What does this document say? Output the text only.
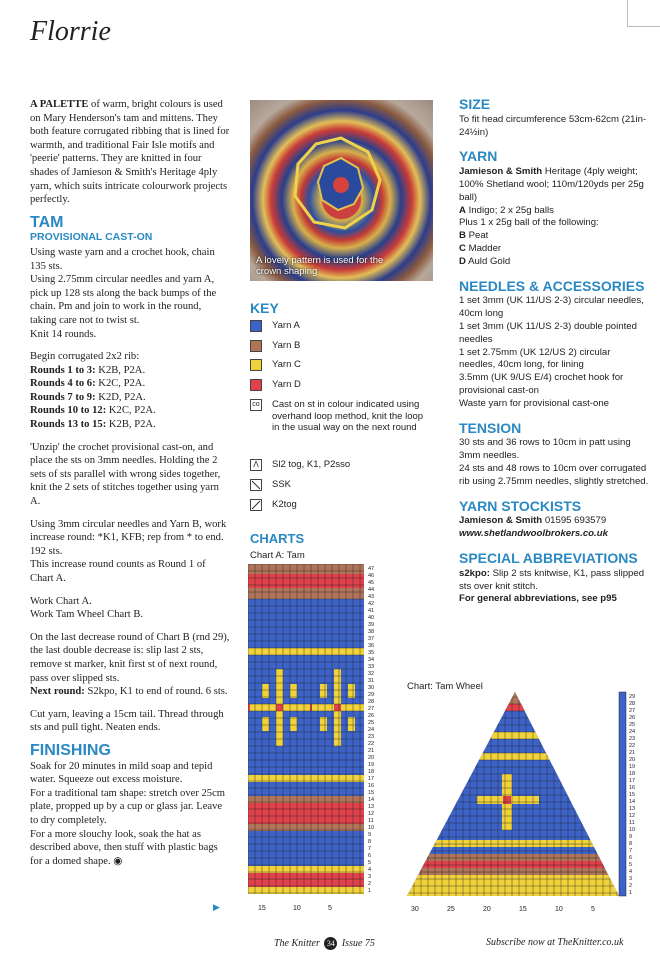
Florrie

A PALETTE of warm, bright colours is used on Mary Henderson's tam and mittens. They both feature corrugated ribbing that is lined for warmth, and traditional Fair Isle motifs and 'peerie' patterns. They are knitted in four shades of Jamieson & Smith's Heritage 4ply yarn, which suits intricate colourwork projects perfectly.

TAM
PROVISIONAL CAST-ON

Using waste yarn and a crochet hook, chain 135 sts.

Using 2.75mm circular needles and yarn A, pick up 128 sts along the back bumps of the chain. Pm and join to work in the round, taking care not to twist st.

Knit 14 rounds.

Begin corrugated 2x2 rib:

Rounds 1 to 3: K2B, P2A.

Rounds 4 to 6: K2C, P2A.

Rounds 7 to 9: K2D, P2A.

Rounds 10 to 12: K2C, P2A.

Rounds 13 to 15: K2B, P2A.

'Unzip' the crochet provisional cast-on, and place the sts on 3mm needles. Holding the 2 sets of sts parallel with wrong sides together, knit the 2 sets of stitches together using yarn A.

Using 3mm circular needles and Yarn B, work increase round: *K1, KFB; rep from * to end. 192 sts.

This increase round counts as Round 1 of Chart A.

Work Chart A.

Work Tam Wheel Chart B.

On the last decrease round of Chart B (rnd 29), the last double decrease is: slip last 2 sts, remove st marker, knit first st of next round, pass over slipped sts.

Next round: S2kpo, K1 to end of round. 6 sts.

Cut yarn, leaving a 15cm tail. Thread through sts and pull tight. Neaten ends.

FINISHING

Soak for 20 minutes in mild soap and tepid water. Squeeze out excess moisture.

For a traditional tam shape: stretch over 25cm plate, propped up by a cup or glass jar. Leave to dry completely.

For a more slouchy look, soak the hat as described above, then stuff with plastic bags for a domed shape. ◉

▶
A lovely pattern is used for the crown shaping
KEY
Yarn A
Yarn B
Yarn C
Yarn D
co Cast on st in colour indicated using overhand loop method, knit the loop in the usual way on the next round
Λ	Sl2 tog, K1, P2sso
SSK
K2tog
CHARTS
Chart A: Tam
47
46
45
44
43
42
41
40
39
38
37
36
35
34
33
32
31
30
29
28
27
26
25
24
23
22
21
20
19
18
17
16
15
14
13
12
11
10
9
8
7
6
5
4
3
2
1
15	10	5
Chart: Tam Wheel
29
28
27
26
25
24
23
22
21
20
19
18
17
16
15
14
13
12
11
10
9
8
7
6
5
4
3
2
1
30	25	20	15	10	5
SIZE

To fit head circumference 53cm-62cm (21in-24½in)

YARN

Jamieson & Smith Heritage (4ply weight; 100% Shetland wool; 110m/120yds per 25g ball)

A Indigo; 2 x 25g balls

Plus 1 x 25g ball of the following:

B Peat

C Madder

D Auld Gold

NEEDLES & ACCESSORIES

1 set 3mm (UK 11/US 2-3) circular needles, 40cm long

1 set 3mm (UK 11/US 2-3) double pointed needles

1 set 2.75mm (UK 12/US 2) circular needles, 40cm long, for lining

3.5mm (UK 9/US E/4) crochet hook for provisional cast-on

Waste yarn for provisional cast-one

TENSION

30 sts and 36 rows to 10cm in patt using 3mm needles.

24 sts and 48 rows to 10cm over corrugated rib using 2.75mm needles, slightly stretched.

YARN STOCKISTS

Jamieson & Smith 01595 693579

www.shetlandwoolbrokers.co.uk

SPECIAL ABBREVIATIONS

s2kpo: Slip 2 sts knitwise, K1, pass slipped sts over knit stitch.

For general abbreviations, see p95

The Knitter 34 Issue 75	Subscribe now at TheKnitter.co.uk
